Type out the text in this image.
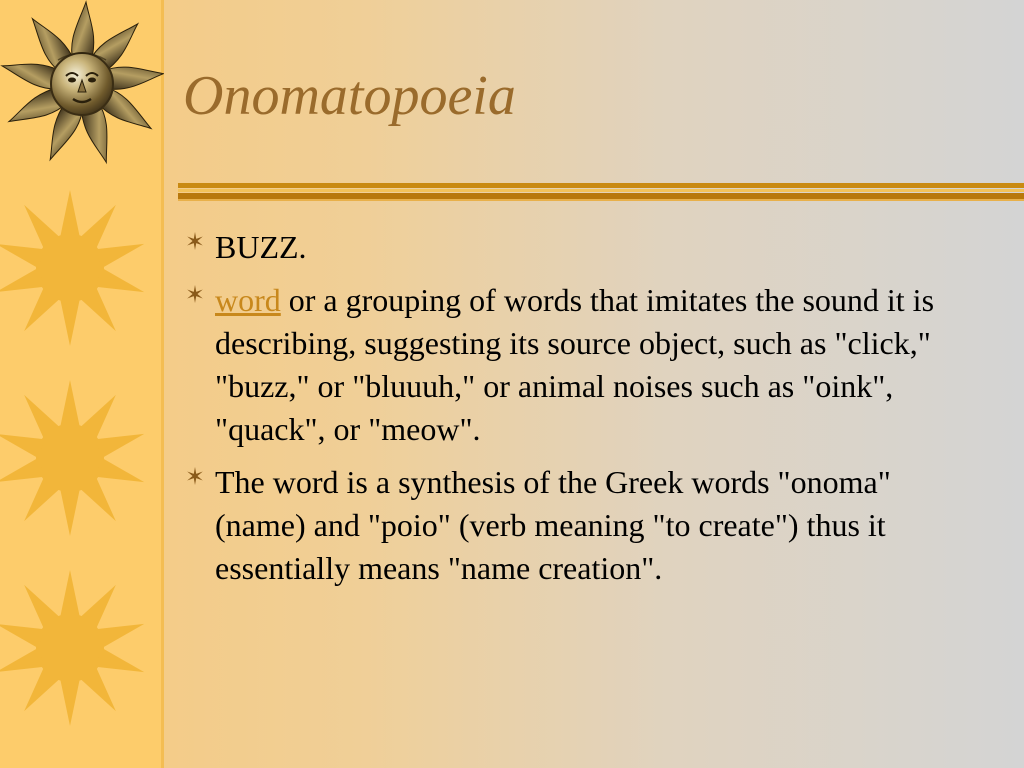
Onomatopoeia
BUZZ.
word or a grouping of words that imitates the sound it is describing, suggesting its source object, such as "click," "buzz," or "bluuuh," or animal noises such as "oink", "quack", or "meow".
The word is a synthesis of the Greek words "onoma" (name) and "poio" (verb meaning "to create") thus it essentially means "name creation".
